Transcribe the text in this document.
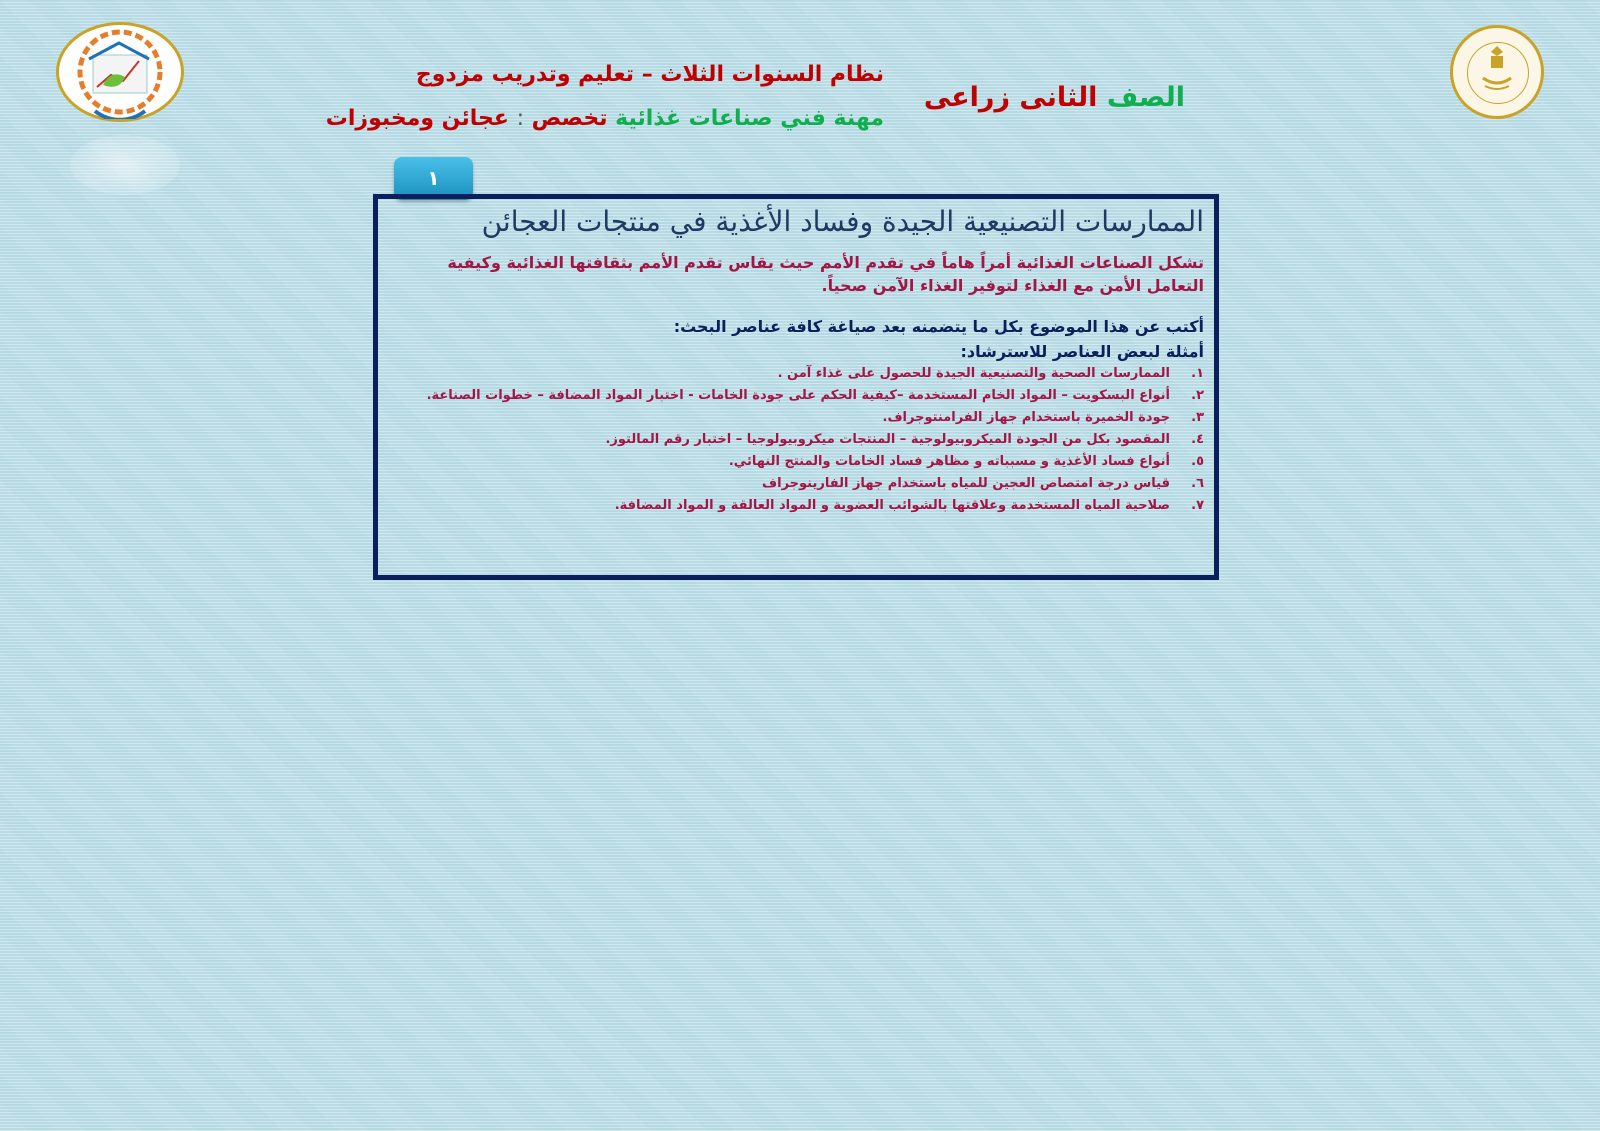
الصف الثانى زراعى
نظام السنوات الثلاث – تعليم وتدريب مزدوج
مهنة فني صناعات غذائية تخصص : عجائن ومخبوزات
١
الممارسات التصنيعية الجيدة وفساد الأغذية في منتجات العجائن
تشكل الصناعات الغذائية أمراً هاماً في تقدم الأمم حيث يقاس تقدم الأمم بثقافتها الغذائية وكيفية التعامل الأمن مع الغذاء لتوفير الغذاء الآمن صحياً.
أكتب عن هذا الموضوع بكل ما يتضمنه بعد صياغة كافة عناصر البحث:
أمثلة لبعض العناصر للاسترشاد:
١.
الممارسات الصحية والتصنيعية الجيدة للحصول على غذاء آمن .
٢.
أنواع البسكويت – المواد الخام المستخدمة –كيفية الحكم على جودة الخامات - اختبار المواد المضافة – خطوات الصناعة.
٣.
جودة الخميرة باستخدام جهاز الفرامنتوجراف.
٤.
المقصود بكل من الجودة الميكروبيولوجية – المنتجات ميكروبيولوجيا – اختبار رقم المالتوز.
٥.
أنواع فساد الأغذية و مسبباته و مظاهر فساد الخامات والمنتج النهائي.
٦.
قياس درجة امتصاص العجين للمياه باستخدام جهاز الفارينوجراف
٧.
صلاحية المياه المستخدمة وعلاقتها بالشوائب العضوية و المواد العالقة و المواد المضافة.
